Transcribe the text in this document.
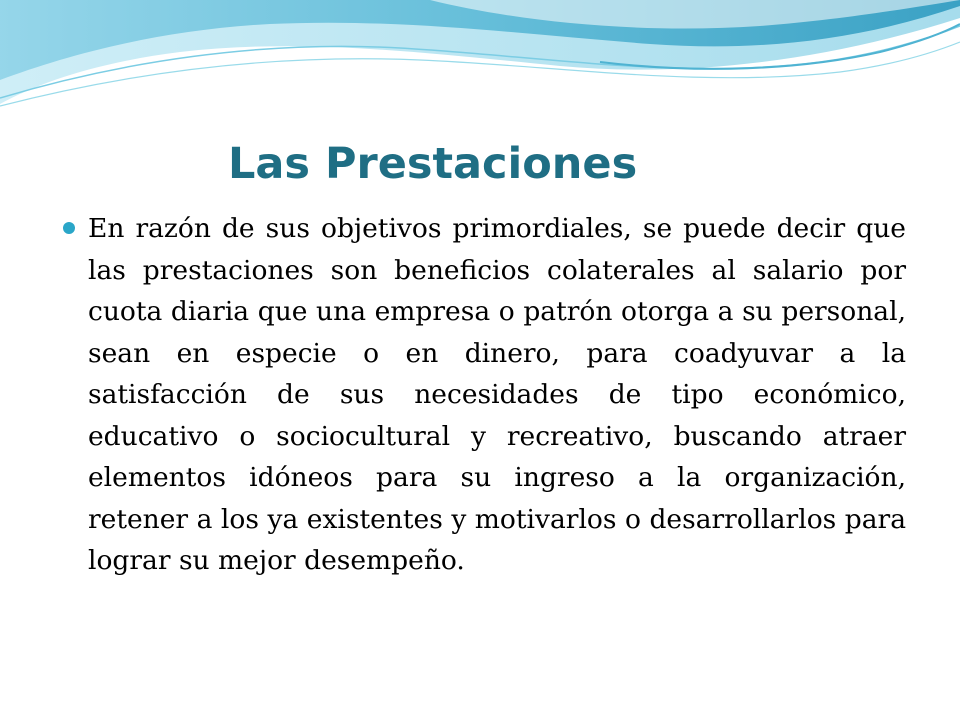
Las Prestaciones

En razón de sus objetivos primordiales, se puede decir que las prestaciones son beneficios colaterales al salario por cuota diaria que una empresa o patrón otorga a su personal, sean en especie o en dinero, para coadyuvar a la satisfacción de sus necesidades de tipo económico, educativo o sociocultural y recreativo, buscando atraer elementos idóneos para su ingreso a la organización, retener a los ya existentes y motivarlos o desarrollarlos para lograr su mejor desempeño.
